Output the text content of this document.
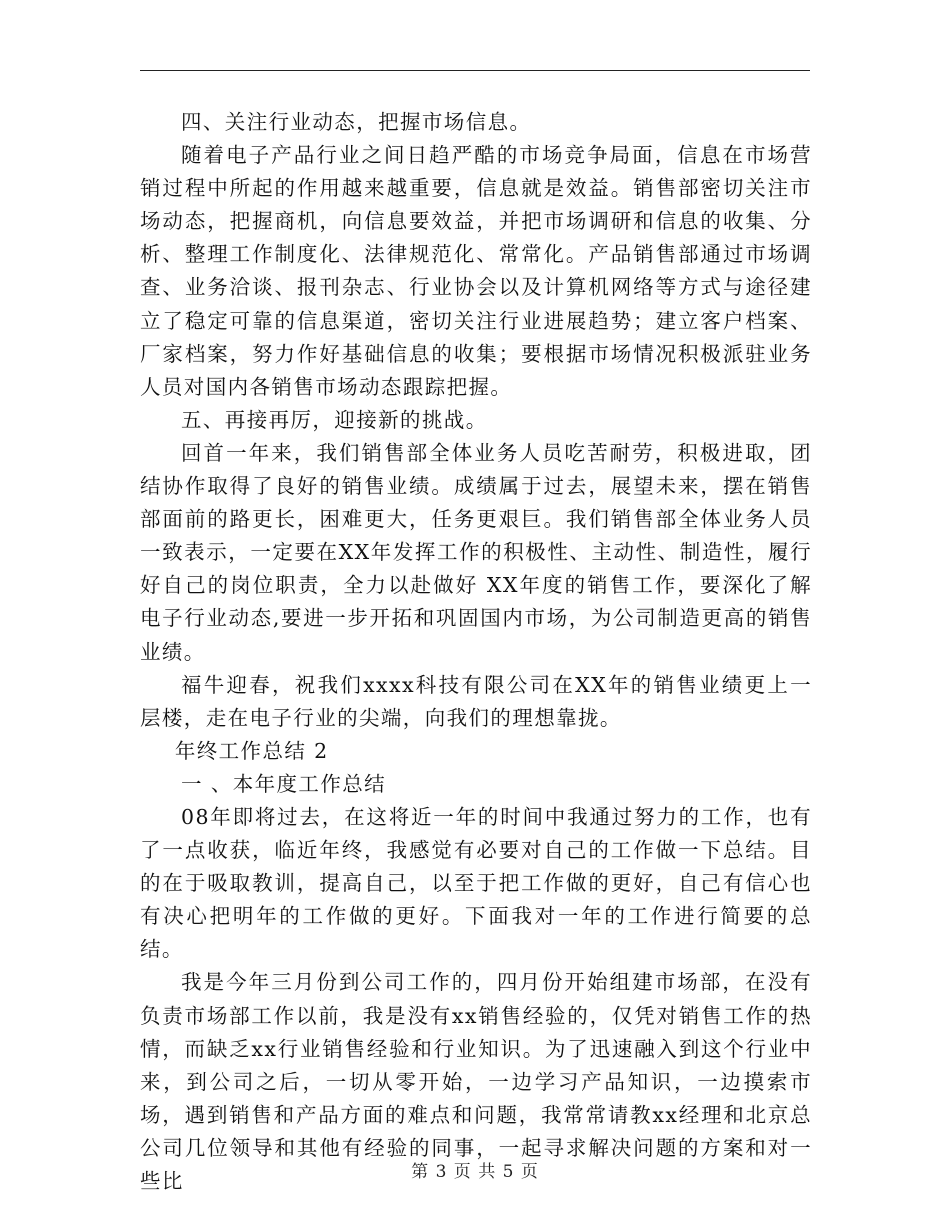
四、关注行业动态，把握市场信息。

随着电子产品行业之间日趋严酷的市场竞争局面，信息在市场营销过程中所起的作用越来越重要，信息就是效益。销售部密切关注市场动态，把握商机，向信息要效益，并把市场调研和信息的收集、分析、整理工作制度化、法律规范化、常常化。产品销售部通过市场调查、业务洽谈、报刊杂志、行业协会以及计算机网络等方式与途径建立了稳定可靠的信息渠道，密切关注行业进展趋势；建立客户档案、厂家档案，努力作好基础信息的收集；要根据市场情况积极派驻业务人员对国内各销售市场动态跟踪把握。

五、再接再厉，迎接新的挑战。

回首一年来，我们销售部全体业务人员吃苦耐劳，积极进取，团结协作取得了良好的销售业绩。成绩属于过去，展望未来，摆在销售部面前的路更长，困难更大，任务更艰巨。我们销售部全体业务人员一致表示，一定要在XX年发挥工作的积极性、主动性、制造性，履行好自己的岗位职责，全力以赴做好 XX年度的销售工作，要深化了解电子行业动态,要进一步开拓和巩固国内市场，为公司制造更高的销售业绩。

福牛迎春，祝我们xxxx科技有限公司在XX年的销售业绩更上一层楼，走在电子行业的尖端，向我们的理想靠拢。

年终工作总结 2

一 、本年度工作总结

08年即将过去，在这将近一年的时间中我通过努力的工作，也有了一点收获，临近年终，我感觉有必要对自己的工作做一下总结。目的在于吸取教训，提高自己，以至于把工作做的更好，自己有信心也有决心把明年的工作做的更好。下面我对一年的工作进行简要的总结。

我是今年三月份到公司工作的，四月份开始组建市场部，在没有负责市场部工作以前，我是没有xx销售经验的，仅凭对销售工作的热情，而缺乏xx行业销售经验和行业知识。为了迅速融入到这个行业中来，到公司之后，一切从零开始，一边学习产品知识，一边摸索市场，遇到销售和产品方面的难点和问题，我常常请教xx经理和北京总公司几位领导和其他有经验的同事，一起寻求解决问题的方案和对一些比	第 3 页 共 5 页
